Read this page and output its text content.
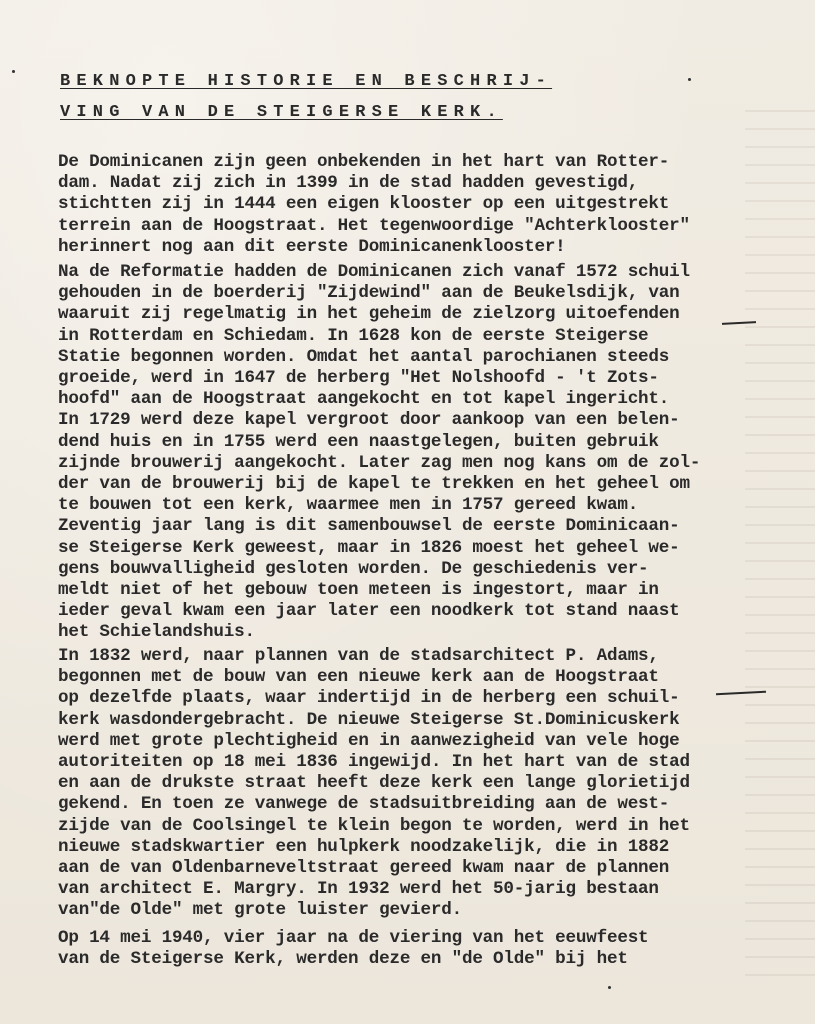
BEKNOPTE HISTORIE EN BESCHRIJ-
VING VAN DE STEIGERSE KERK.
De Dominicanen zijn geen onbekenden in het hart van Rotter-
dam. Nadat zij zich in 1399 in de stad hadden gevestigd,
stichtten zij in 1444 een eigen klooster op een uitgestrekt
terrein aan de Hoogstraat. Het tegenwoordige "Achterklooster"
herinnert nog aan dit eerste Dominicanenklooster!
Na de Reformatie hadden de Dominicanen zich vanaf 1572 schuil
gehouden in de boerderij "Zijdewind" aan de Beukelsdijk, van
waaruit zij regelmatig in het geheim de zielzorg uitoefenden
in Rotterdam en Schiedam. In 1628 kon de eerste Steigerse
Statie begonnen worden. Omdat het aantal parochianen steeds
groeide, werd in 1647 de herberg "Het Nolshoofd - 't Zots-
hoofd" aan de Hoogstraat aangekocht en tot kapel ingericht.
In 1729 werd deze kapel vergroot door aankoop van een belen-
dend huis en in 1755 werd een naastgelegen, buiten gebruik
zijnde brouwerij aangekocht. Later zag men nog kans om de zol-
der van de brouwerij bij de kapel te trekken en het geheel om
te bouwen tot een kerk, waarmee men in 1757 gereed kwam.
Zeventig jaar lang is dit samenbouwsel de eerste Dominicaan-
se Steigerse Kerk geweest, maar in 1826 moest het geheel we-
gens bouwvalligheid gesloten worden. De geschiedenis ver-
meldt niet of het gebouw toen meteen is ingestort, maar in
ieder geval kwam een jaar later een noodkerk tot stand naast
het Schielandshuis.
In 1832 werd, naar plannen van de stadsarchitect P. Adams,
begonnen met de bouw van een nieuwe kerk aan de Hoogstraat
op dezelfde plaats, waar indertijd in de herberg een schuil-
kerk wasdondergebracht. De nieuwe Steigerse St.Dominicuskerk
werd met grote plechtigheid en in aanwezigheid van vele hoge
autoriteiten op 18 mei 1836 ingewijd. In het hart van de stad
en aan de drukste straat heeft deze kerk een lange glorietijd
gekend. En toen ze vanwege de stadsuitbreiding aan de west-
zijde van de Coolsingel te klein begon te worden, werd in het
nieuwe stadskwartier een hulpkerk noodzakelijk, die in 1882
aan de van Oldenbarneveltstraat gereed kwam naar de plannen
van architect E. Margry. In 1932 werd het 50-jarig bestaan
van"de Olde" met grote luister gevierd.
Op 14 mei 1940, vier jaar na de viering van het eeuwfeest
van de Steigerse Kerk, werden deze en "de Olde" bij het
